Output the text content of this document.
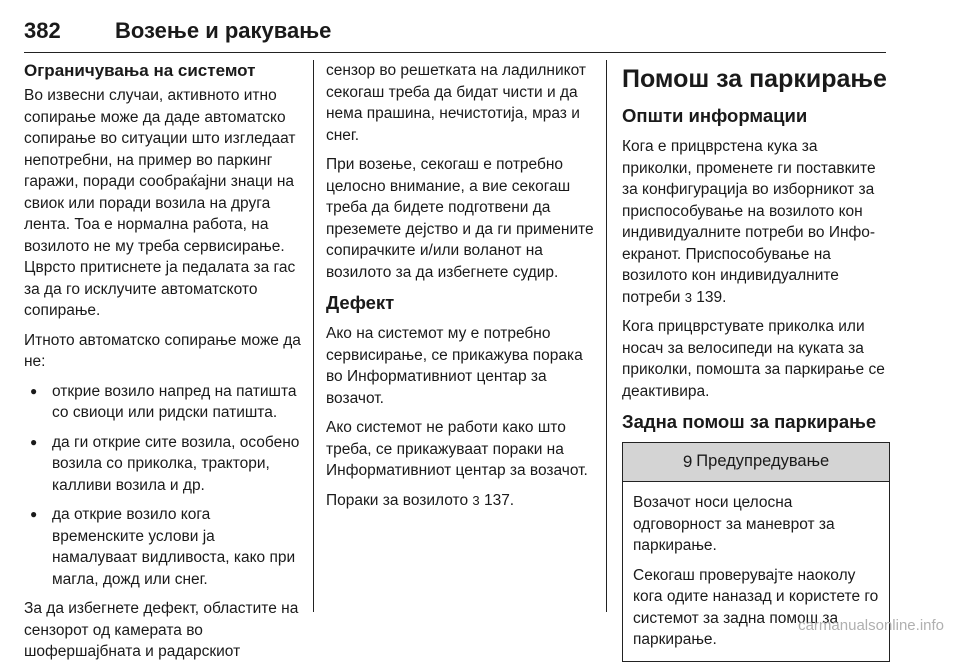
382 Возење и ракување
Ограничувања на системот

Во извесни случаи, активното итно сопирање може да даде автоматско сопирање во ситуации што изгледаат непотребни, на пример во паркинг гаражи, поради сообраќајни знаци на свиок или поради возила на друга лента. Тоа е нормална работа, на возилото не му треба сервисирање. Цврсто притиснете ја педалата за гас за да го исклучите автоматското сопирање.

Итното автоматско сопирање може да не:

● открие возило напред на патишта со свиоци или ридски патишта.
● да ги открие сите возила, особено возила со приколка, трактори, калливи возила и др.
● да открие возило кога временските услови ја намалуваат видливоста, како при магла, дожд или снег.

За да избегнете дефект, областите на сензорот од камерата во шофершајбната и радарскиот

сензор во решетката на ладилникот секогаш треба да бидат чисти и да нема прашина, нечистотија, мраз и снег.

При возење, секогаш е потребно целосно внимание, а вие секогаш треба да бидете подготвени да преземете дејство и да ги примените сопирачките и/или воланот на возилото за да избегнете судир.

Дефект

Ако на системот му е потребно сервисирање, се прикажува порака во Информативниот центар за возачот.

Ако системот не работи како што треба, се прикажуваат пораки на Информативниот центар за возачот.

Пораки за возилото 3 137.

Помош за паркирање
Општи информации

Кога е прицврстена кука за приколки, променете ги поставките за конфигурација во изборникот за приспособување на возилото кон индивидуалните потреби во Инфо-екранот. Приспособување на возилото кон индивидуалните потреби 3 139.

Кога прицврстувате приколка или носач за велосипеди на куката за приколки, помошта за паркирање се деактивира.

Задна помош за паркирање
9 Предупредување

Возачот носи целосна одговорност за маневрот за паркирање.

Секогаш проверувајте наоколу кога одите наназад и користете го системот за задна помош за паркирање.

carmanualsonline.info
